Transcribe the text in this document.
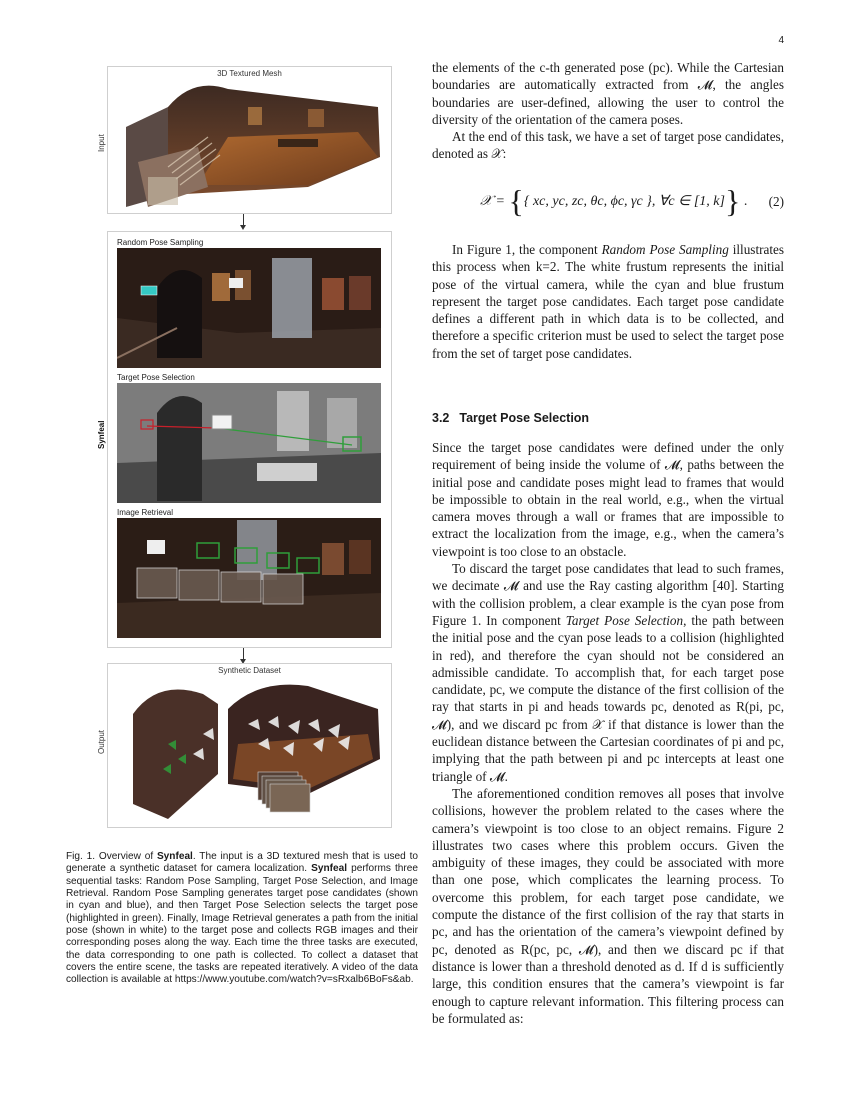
4
3D Textured Mesh
Input
Synfeal
Random Pose Sampling
Target Pose Selection
Image Retrieval
Synthetic Dataset
Output
Fig. 1. Overview of Synfeal. The input is a 3D textured mesh that is used to generate a synthetic dataset for camera localization. Synfeal performs three sequential tasks: Random Pose Sampling, Target Pose Selection, and Image Retrieval. Random Pose Sampling generates target pose candidates (shown in cyan and blue), and then Target Pose Selection selects the target pose (highlighted in green). Finally, Image Retrieval generates a path from the initial pose (shown in white) to the target pose and collects RGB images and their corresponding poses along the way. Each time the three tasks are executed, the data corresponding to one path is collected. To collect a dataset that covers the entire scene, the tasks are repeated iteratively. A video of the data collection is available at https://www.youtube.com/watch?v=sRxalb6BoFs&ab.

the elements of the c-th generated pose (pc). While the Cartesian boundaries are automatically extracted from 𝓜, the angles boundaries are user-defined, allowing the user to control the diversity of the orientation of the camera poses.

At the end of this task, we have a set of target pose candidates, denoted as 𝒳:

𝒳 = {{ xc, yc, zc, θc, ϕc, γc }, ∀c ∈ [1, k]} . (2)

In Figure 1, the component Random Pose Sampling illustrates this process when k=2. The white frustum represents the initial pose of the virtual camera, while the cyan and blue frustum represent the target pose candidates. Each target pose candidate defines a different path in which data is to be collected, and therefore a specific criterion must be used to select the target pose from the set of target pose candidates.

3.2 Target Pose Selection

Since the target pose candidates were defined under the only requirement of being inside the volume of 𝓜, paths between the initial pose and candidate poses might lead to frames that would be impossible to obtain in the real world, e.g., when the virtual camera moves through a wall or frames that are impossible to extract the localization from the image, e.g., when the camera’s viewpoint is too close to an obstacle.

To discard the target pose candidates that lead to such frames, we decimate 𝓜 and use the Ray casting algorithm [40]. Starting with the collision problem, a clear example is the cyan pose from Figure 1. In component Target Pose Selection, the path between the initial pose and the cyan pose leads to a collision (highlighted in red), and therefore the cyan should not be considered an admissible candidate. To accomplish that, for each target pose candidate, pc, we compute the distance of the first collision of the ray that starts in pi and heads towards pc, denoted as R(pi, pc, 𝓜), and we discard pc from 𝒳 if that distance is lower than the euclidean distance between the Cartesian coordinates of pi and pc, implying that the path between pi and pc intercepts at least one triangle of 𝓜.

The aforementioned condition removes all poses that involve collisions, however the problem related to the cases where the camera’s viewpoint is too close to an object remains. Figure 2 illustrates two cases where this problem occurs. Given the ambiguity of these images, they could be associated with more than one pose, which complicates the learning process. To overcome this problem, for each target pose candidate, we compute the distance of the first collision of the ray that starts in pc, and has the orientation of the camera’s viewpoint defined by pc, denoted as R(pc, pc, 𝓜), and then we discard pc if that distance is lower than a threshold denoted as d. If d is sufficiently large, this condition ensures that the camera’s viewpoint is far enough to capture relevant information. This filtering process can be formulated as:
